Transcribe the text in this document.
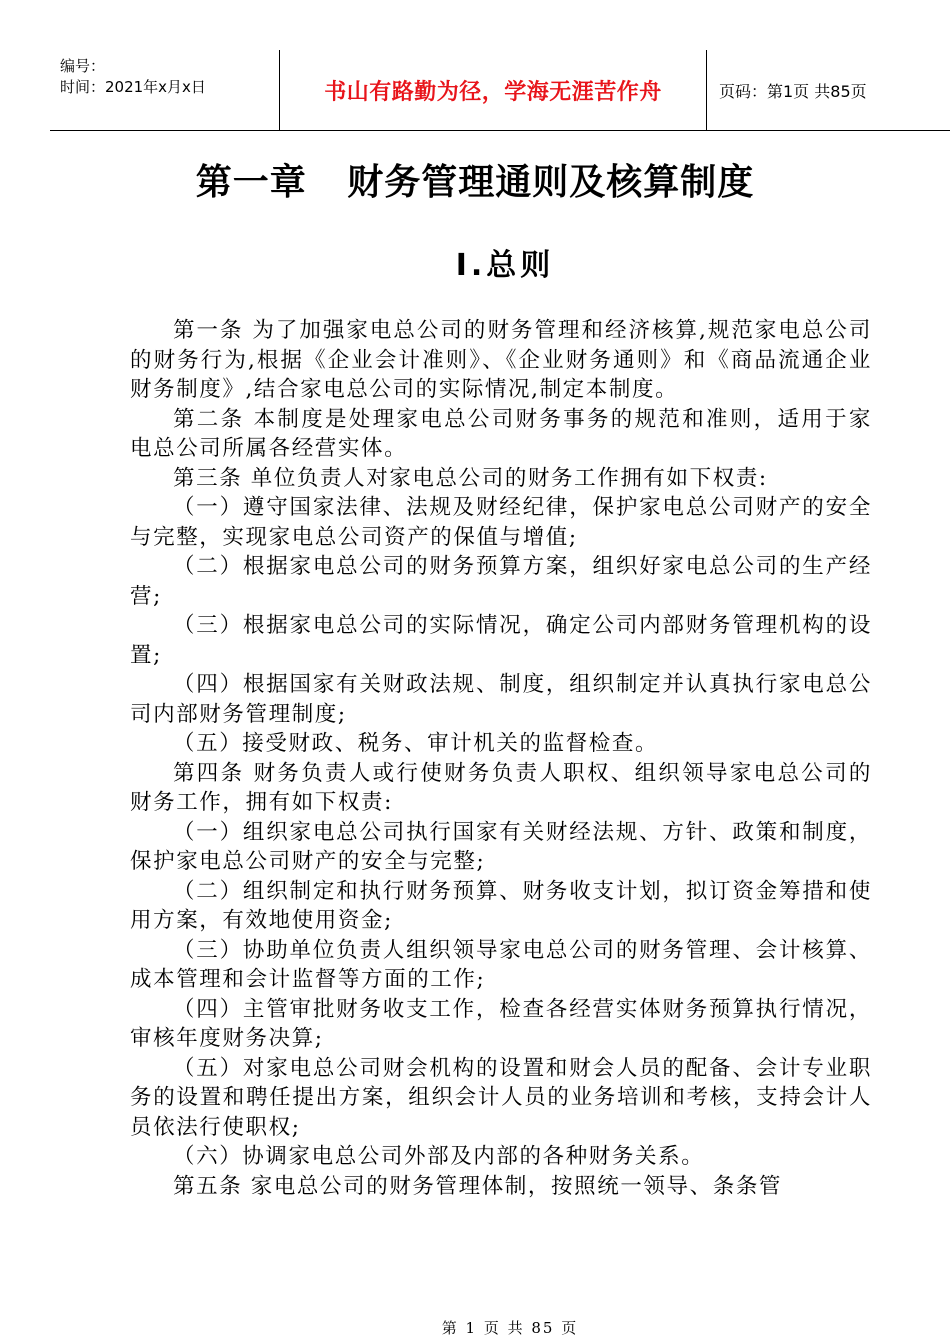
编号：
时间：2021年x月x日	书山有路勤为径，学海无涯苦作舟	页码：第1页 共85页
第一章   财务管理通则及核算制度
I.总则

第一条 为了加强家电总公司的财务管理和经济核算,规范家电总公司的财务行为,根据《企业会计准则》、《企业财务通则》和《商品流通企业财务制度》,结合家电总公司的实际情况,制定本制度。

第二条 本制度是处理家电总公司财务事务的规范和准则，适用于家电总公司所属各经营实体。

第三条 单位负责人对家电总公司的财务工作拥有如下权责:

（一）遵守国家法律、法规及财经纪律，保护家电总公司财产的安全与完整，实现家电总公司资产的保值与增值;

（二）根据家电总公司的财务预算方案，组织好家电总公司的生产经营;

（三）根据家电总公司的实际情况，确定公司内部财务管理机构的设置;

（四）根据国家有关财政法规、制度，组织制定并认真执行家电总公司内部财务管理制度;

（五）接受财政、税务、审计机关的监督检查。

第四条 财务负责人或行使财务负责人职权、组织领导家电总公司的财务工作，拥有如下权责:

（一）组织家电总公司执行国家有关财经法规、方针、政策和制度，保护家电总公司财产的安全与完整;

（二）组织制定和执行财务预算、财务收支计划，拟订资金筹措和使用方案，有效地使用资金;

（三）协助单位负责人组织领导家电总公司的财务管理、会计核算、成本管理和会计监督等方面的工作;

（四）主管审批财务收支工作，检查各经营实体财务预算执行情况，审核年度财务决算;

（五）对家电总公司财会机构的设置和财会人员的配备、会计专业职务的设置和聘任提出方案，组织会计人员的业务培训和考核，支持会计人员依法行使职权;

（六）协调家电总公司外部及内部的各种财务关系。

第五条 家电总公司的财务管理体制，按照统一领导、条条管

第 1 页 共 85 页
